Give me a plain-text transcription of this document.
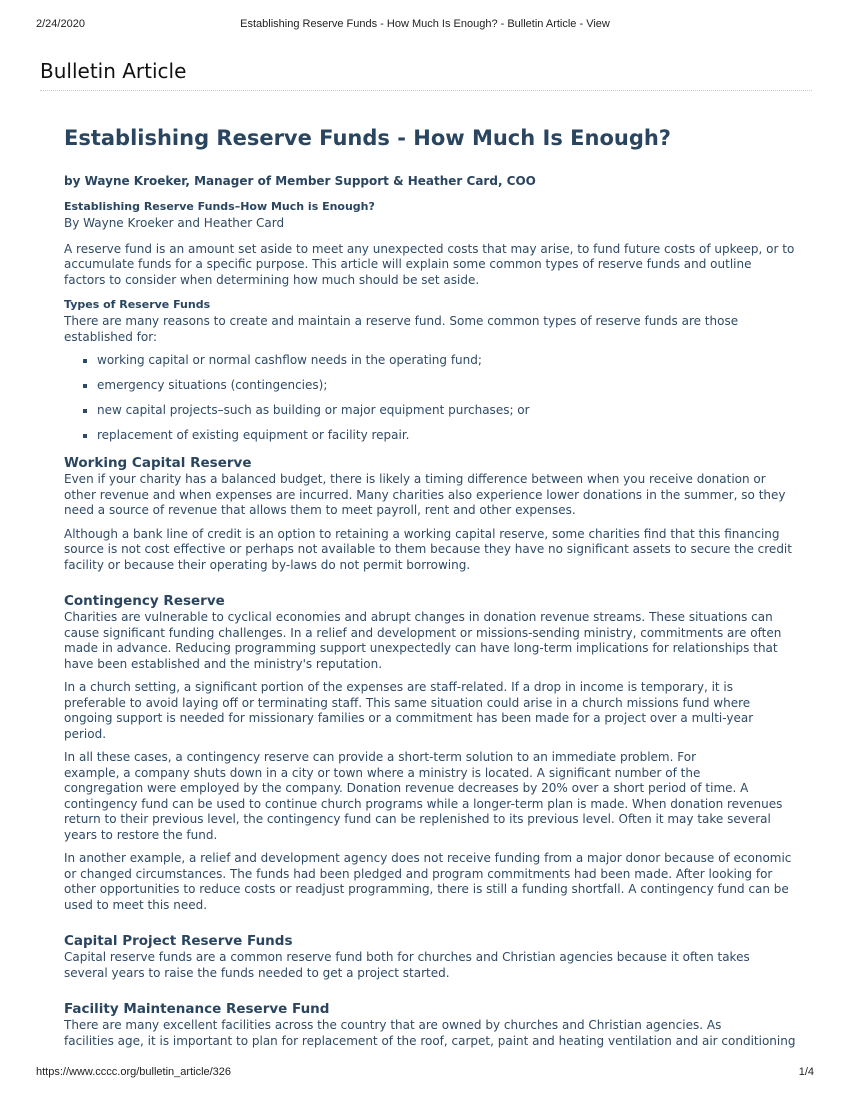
2/24/2020	Establishing Reserve Funds - How Much Is Enough? - Bulletin Article - View
Bulletin Article
Establishing Reserve Funds - How Much Is Enough?
by Wayne Kroeker, Manager of Member Support & Heather Card, COO
Establishing Reserve Funds–How Much is Enough?

By Wayne Kroeker and Heather Card

A reserve fund is an amount set aside to meet any unexpected costs that may arise, to fund future costs of upkeep, or to accumulate funds for a specific purpose. This article will explain some common types of reserve funds and outline factors to consider when determining how much should be set aside.

Types of Reserve Funds

There are many reasons to create and maintain a reserve fund. Some common types of reserve funds are those established for:

▪ working capital or normal cashflow needs in the operating fund;
▪ emergency situations (contingencies);
▪ new capital projects–such as building or major equipment purchases; or
▪ replacement of existing equipment or facility repair.
Working Capital Reserve

Even if your charity has a balanced budget, there is likely a timing difference between when you receive donation or other revenue and when expenses are incurred. Many charities also experience lower donations in the summer, so they need a source of revenue that allows them to meet payroll, rent and other expenses.

Although a bank line of credit is an option to retaining a working capital reserve, some charities find that this financing source is not cost effective or perhaps not available to them because they have no significant assets to secure the credit facility or because their operating by-laws do not permit borrowing.

Contingency Reserve

Charities are vulnerable to cyclical economies and abrupt changes in donation revenue streams. These situations can cause significant funding challenges. In a relief and development or missions-sending ministry, commitments are often made in advance. Reducing programming support unexpectedly can have long-term implications for relationships that have been established and the ministry's reputation.

In a church setting, a significant portion of the expenses are staff-related. If a drop in income is temporary, it is preferable to avoid laying off or terminating staff. This same situation could arise in a church missions fund where ongoing support is needed for missionary families or a commitment has been made for a project over a multi-year period.

In all these cases, a contingency reserve can provide a short-term solution to an immediate problem. For
example, a company shuts down in a city or town where a ministry is located. A significant number of the
congregation were employed by the company. Donation revenue decreases by 20% over a short period of time. A contingency fund can be used to continue church programs while a longer-term plan is made. When donation revenues return to their previous level, the contingency fund can be replenished to its previous level. Often it may take several years to restore the fund.

In another example, a relief and development agency does not receive funding from a major donor because of economic or changed circumstances. The funds had been pledged and program commitments had been made. After looking for other opportunities to reduce costs or readjust programming, there is still a funding shortfall. A contingency fund can be used to meet this need.

Capital Project Reserve Funds

Capital reserve funds are a common reserve fund both for churches and Christian agencies because it often takes several years to raise the funds needed to get a project started.

Facility Maintenance Reserve Fund

There are many excellent facilities across the country that are owned by churches and Christian agencies. As
facilities age, it is important to plan for replacement of the roof, carpet, paint and heating ventilation and air conditioning

https://www.cccc.org/bulletin_article/326	1/4
